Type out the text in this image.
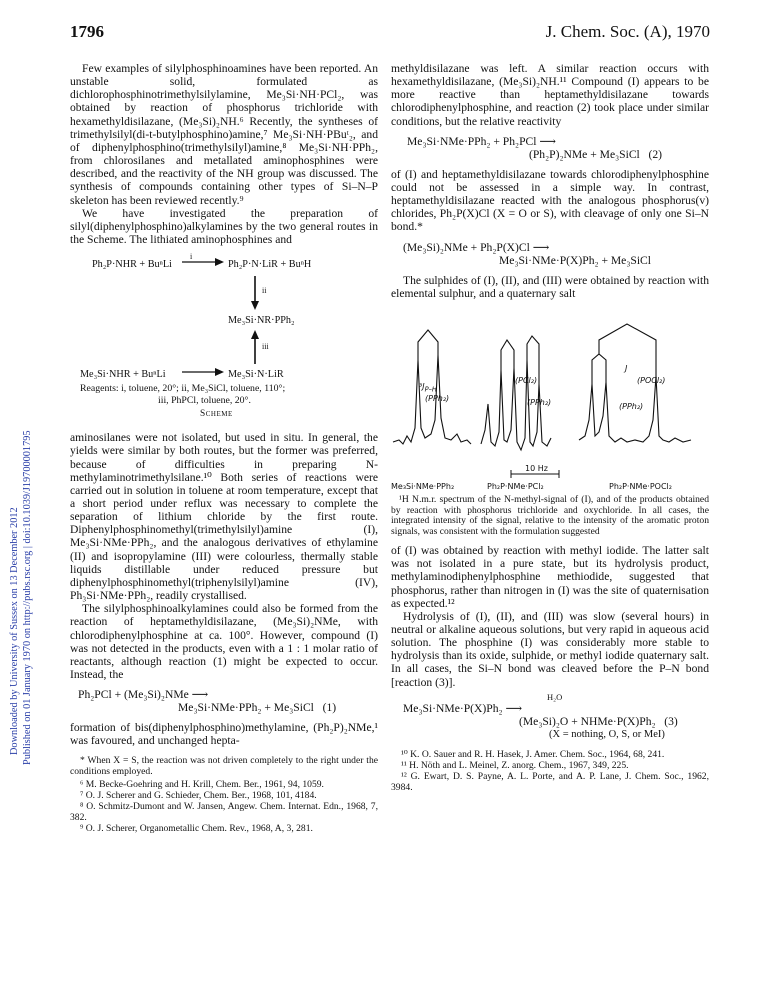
1796	J. Chem. Soc. (A), 1970
Downloaded by University of Sussex on 13 December 2012 Published on 01 January 1970 on http://pubs.rsc.org | doi:10.1039/J19700001795

Few examples of silylphosphinoamines have been reported. An unstable solid, formulated as dichlorophosphinotrimethylsilylamine, Me₃Si·NH·PCl₂, was obtained by reaction of phosphorus trichloride with hexamethyldisilazane, (Me₃Si)₂NH.⁶ Recently, the syntheses of trimethylsilyl(di-t-butylphosphino)amine,⁷ Me₃Si·NH·PBuᵗ₂, and of diphenylphosphino(trimethylsilyl)amine,⁸ Me₃Si·NH·PPh₂, from chlorosilanes and metallated aminophosphines were described, and the reactivity of the NH group was discussed. The synthesis of compounds containing other types of Si–N–P skeleton has been reviewed recently.⁹

We have investigated the preparation of silyl(diphenylphosphino)alkylamines by the two general routes in the Scheme. The lithiated aminophosphines and

Ph₂P·NHR + BuⁿLi
i
Ph₂P·N·LiR + BuⁿH
ii
Me₃Si·NR·PPh₂
iii
Me₃Si·NHR + BuⁿLi	Me₃Si·N·LiR
Reagents: i, toluene, 20°; ii, Me₃SiCl, toluene, 110°;
iii, PhPCl, toluene, 20°.
Scheme

aminosilanes were not isolated, but used in situ. In general, the yields were similar by both routes, but the former was preferred, because of difficulties in preparing N-methylaminotrimethylsilane.¹⁰ Both series of reactions were carried out in solution in toluene at room temperature, except that a short period under reflux was necessary to complete the separation of lithium chloride by the first route. Diphenylphosphinomethyl(trimethylsilyl)amine (I), Me₃Si·NMe·PPh₂, and the analogous derivatives of ethylamine (II) and isopropylamine (III) were colourless, thermally stable liquids distillable under reduced pressure but diphenylphosphinomethyl(triphenylsilyl)amine (IV), Ph₃Si·NMe·PPh₂, readily crystallised.

The silylphosphinoalkylamines could also be formed from the reaction of heptamethyldisilazane, (Me₃Si)₂NMe, with chlorodiphenylphosphine at ca. 100°. However, compound (I) was not detected in the products, even with a 1 : 1 molar ratio of reactants, although reaction (1) might be expected to occur. Instead, the

Ph₂PCl + (Me₃Si)₂NMe ⟶
Me₃Si·NMe·PPh₂ + Me₃SiCl   (1)

formation of bis(diphenylphosphino)methylamine, (Ph₂P)₂NMe,¹ was favoured, and unchanged hepta-

* When X = S, the reaction was not driven completely to the right under the conditions employed.

⁶ M. Becke-Goehring and H. Krill, Chem. Ber., 1961, 94, 1059.

⁷ O. J. Scherer and G. Schieder, Chem. Ber., 1968, 101, 4184.

⁸ O. Schmitz-Dumont and W. Jansen, Angew. Chem. Internat. Edn., 1968, 7, 382.

⁹ O. J. Scherer, Organometallic Chem. Rev., 1968, A, 3, 281.

methyldisilazane was left. A similar reaction occurs with hexamethyldisilazane, (Me₃Si)₂NH.¹¹ Compound (I) appears to be more reactive than heptamethyldisilazane towards chlorodiphenylphosphine, and reaction (2) took place under similar conditions, but the relative reactivity

Me₃Si·NMe·PPh₂ + Ph₂PCl ⟶
(Ph₂P)₂NMe + Me₃SiCl   (2)

of (I) and heptamethyldisilazane towards chlorodiphenylphosphine could not be assessed in a simple way. In contrast, heptamethyldisilazane reacted with the analogous phosphorus(v) chlorides, Ph₂P(X)Cl (X = O or S), with cleavage of only one Si–N bond.*

(Me₃Si)₂NMe + Ph₂P(X)Cl ⟶
Me₃Si·NMe·P(X)Ph₂ + Me₃SiCl

The sulphides of (I), (II), and (III) were obtained by reaction with elemental sulphur, and a quaternary salt

$^3J_{P-H}$
(PPh₂)
(PCl₂)
(PPh₂)
J
(POCl₂)
(PPh₂)
10 Hz
Me₃Si·NMe·PPh₂	Ph₂P·NMe·PCl₂	Ph₂P·NMe·POCl₂

¹H N.m.r. spectrum of the N-methyl-signal of (I), and of the products obtained by reaction with phosphorus trichloride and oxychloride. In all cases, the integrated intensity of the signal, relative to the intensity of the aromatic proton signals, was consistent with the formulation suggested

of (I) was obtained by reaction with methyl iodide. The latter salt was not isolated in a pure state, but its hydrolysis product, methylaminodiphenylphosphine methiodide, suggested that phosphorus, rather than nitrogen in (I) was the site of quaternisation as expected.¹²

Hydrolysis of (I), (II), and (III) was slow (several hours) in neutral or alkaline aqueous solutions, but very rapid in aqueous acid solution. The phosphine (I) was considerably more stable to hydrolysis than its oxide, sulphide, or methyl iodide quaternary salt. In all cases, the Si–N bond was cleaved before the P–N bond [reaction (3)].

H₂O
Me₃Si·NMe·P(X)Ph₂ ⟶
(Me₃Si)₂O + NHMe·P(X)Ph₂   (3)
(X = nothing, O, S, or MeI)

¹⁰ K. O. Sauer and R. H. Hasek, J. Amer. Chem. Soc., 1964, 68, 241.

¹¹ H. Nöth and L. Meinel, Z. anorg. Chem., 1967, 349, 225.

¹² G. Ewart, D. S. Payne, A. L. Porte, and A. P. Lane, J. Chem. Soc., 1962, 3984.
